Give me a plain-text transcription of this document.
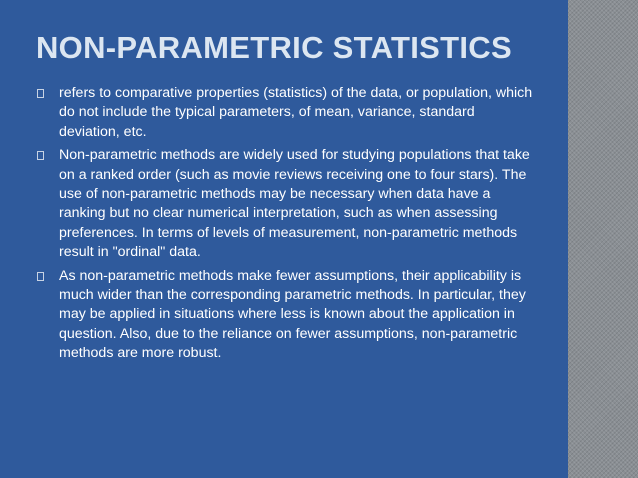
NON-PARAMETRIC STATISTICS
refers to comparative properties (statistics) of the data, or population, which do not include the typical parameters, of mean, variance, standard deviation, etc.
Non-parametric methods are widely used for studying populations that take on a ranked order (such as movie reviews receiving one to four stars). The use of non-parametric methods may be necessary when data have a ranking but no clear numerical interpretation, such as when assessing preferences. In terms of levels of measurement, non-parametric methods result in "ordinal" data.
As non-parametric methods make fewer assumptions, their applicability is much wider than the corresponding parametric methods. In particular, they may be applied in situations where less is known about the application in question. Also, due to the reliance on fewer assumptions, non-parametric methods are more robust.
